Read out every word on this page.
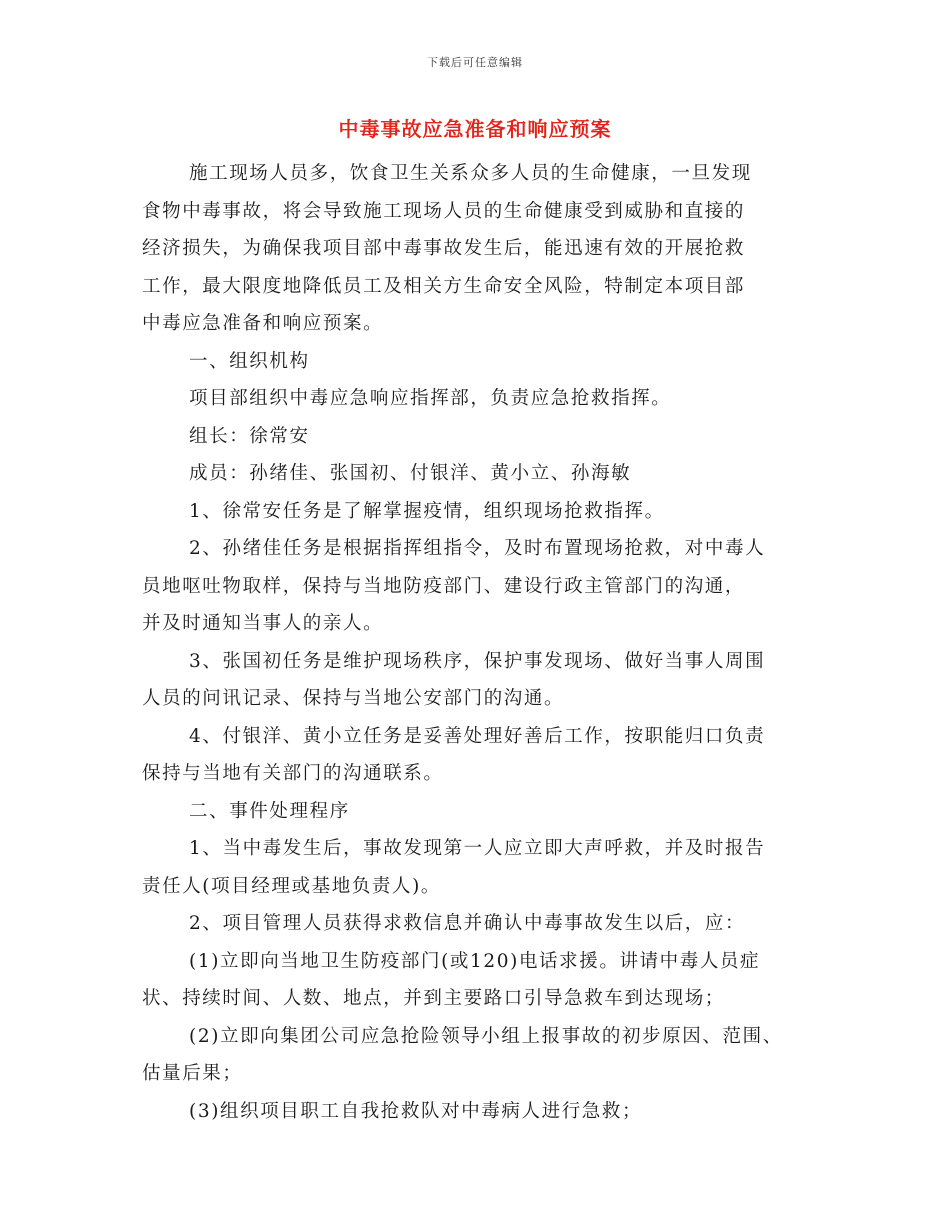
下载后可任意编辑
中毒事故应急准备和响应预案
施工现场人员多，饮食卫生关系众多人员的生命健康，一旦发现
食物中毒事故，将会导致施工现场人员的生命健康受到威胁和直接的
经济损失，为确保我项目部中毒事故发生后，能迅速有效的开展抢救
工作，最大限度地降低员工及相关方生命安全风险，特制定本项目部
中毒应急准备和响应预案。
一、组织机构
项目部组织中毒应急响应指挥部，负责应急抢救指挥。
组长：徐常安
成员：孙绪佳、张国初、付银洋、黄小立、孙海敏
1、徐常安任务是了解掌握疫情，组织现场抢救指挥。
2、孙绪佳任务是根据指挥组指令，及时布置现场抢救，对中毒人
员地呕吐物取样，保持与当地防疫部门、建设行政主管部门的沟通，
并及时通知当事人的亲人。
3、张国初任务是维护现场秩序，保护事发现场、做好当事人周围
人员的问讯记录、保持与当地公安部门的沟通。
4、付银洋、黄小立任务是妥善处理好善后工作，按职能归口负责
保持与当地有关部门的沟通联系。
二、事件处理程序
1、当中毒发生后，事故发现第一人应立即大声呼救，并及时报告
责任人(项目经理或基地负责人)。
2、项目管理人员获得求救信息并确认中毒事故发生以后，应：
(1)立即向当地卫生防疫部门(或120)电话求援。讲请中毒人员症
状、持续时间、人数、地点，并到主要路口引导急救车到达现场；
(2)立即向集团公司应急抢险领导小组上报事故的初步原因、范围、
估量后果；
(3)组织项目职工自我抢救队对中毒病人进行急救；
